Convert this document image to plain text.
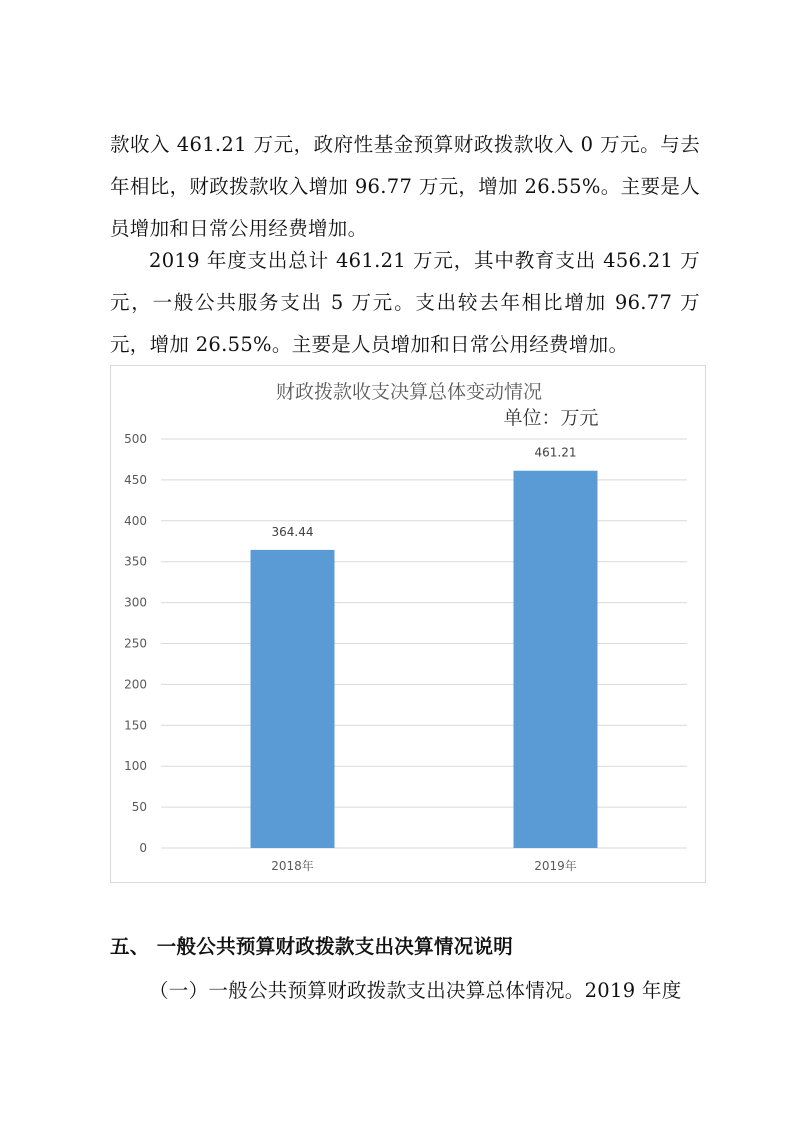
款收入 461.21 万元，政府性基金预算财政拨款收入 0 万元。与去年相比，财政拨款收入增加 96.77 万元，增加 26.55%。主要是人员增加和日常公用经费增加。

2019 年度支出总计 461.21 万元，其中教育支出 456.21 万元，一般公共服务支出 5 万元。支出较去年相比增加 96.77 万元，增加 26.55%。主要是人员增加和日常公用经费增加。

财政拨款收支决算总体变动情况
单位：万元
0
50
100
150
200
250
300
350
400
450
500
364.44
461.21
2018年	2019年

五、 一般公共预算财政拨款支出决算情况说明

（一）一般公共预算财政拨款支出决算总体情况。2019 年度
